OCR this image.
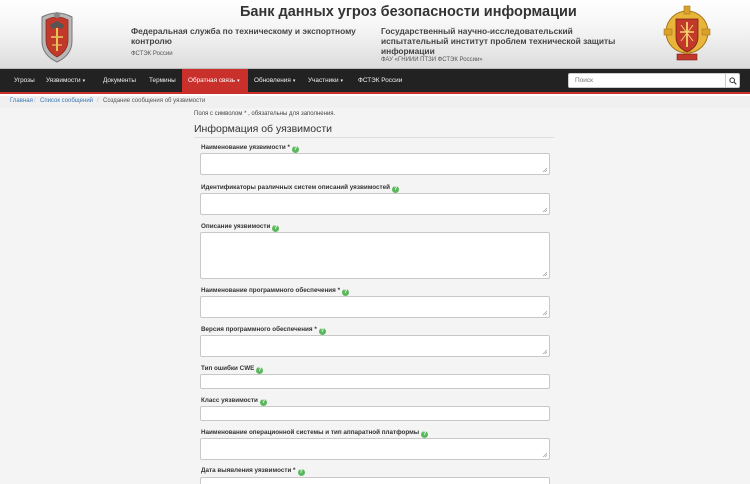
Банк данных угроз безопасности информации
Федеральная служба по техническому и экспортному контролю
ФСТЭК России
Государственный научно-исследовательский испытательный институт проблем технической защиты информации
ФАУ «ГНИИИ ПТЗИ ФСТЭК России»
Угрозы	Уязвимости ▾	Документы	Термины	Обратная связь ▾	Обновления ▾	Участники ▾	ФСТЭК России
Поиск
Главная / Список сообщений / Создание сообщения об уязвимости
Поля с символом * , обязательны для заполнения.
Информация об уязвимости
Наименование уязвимости * ?
Идентификаторы различных систем описаний уязвимостей ?
Описание уязвимости ?
Наименование программного обеспечения * ?
Версия программного обеспечения * ?
Тип ошибки CWE ?
Класс уязвимости ?
Наименование операционной системы и тип аппаратной платформы ?
Дата выявления уязвимости * ?
